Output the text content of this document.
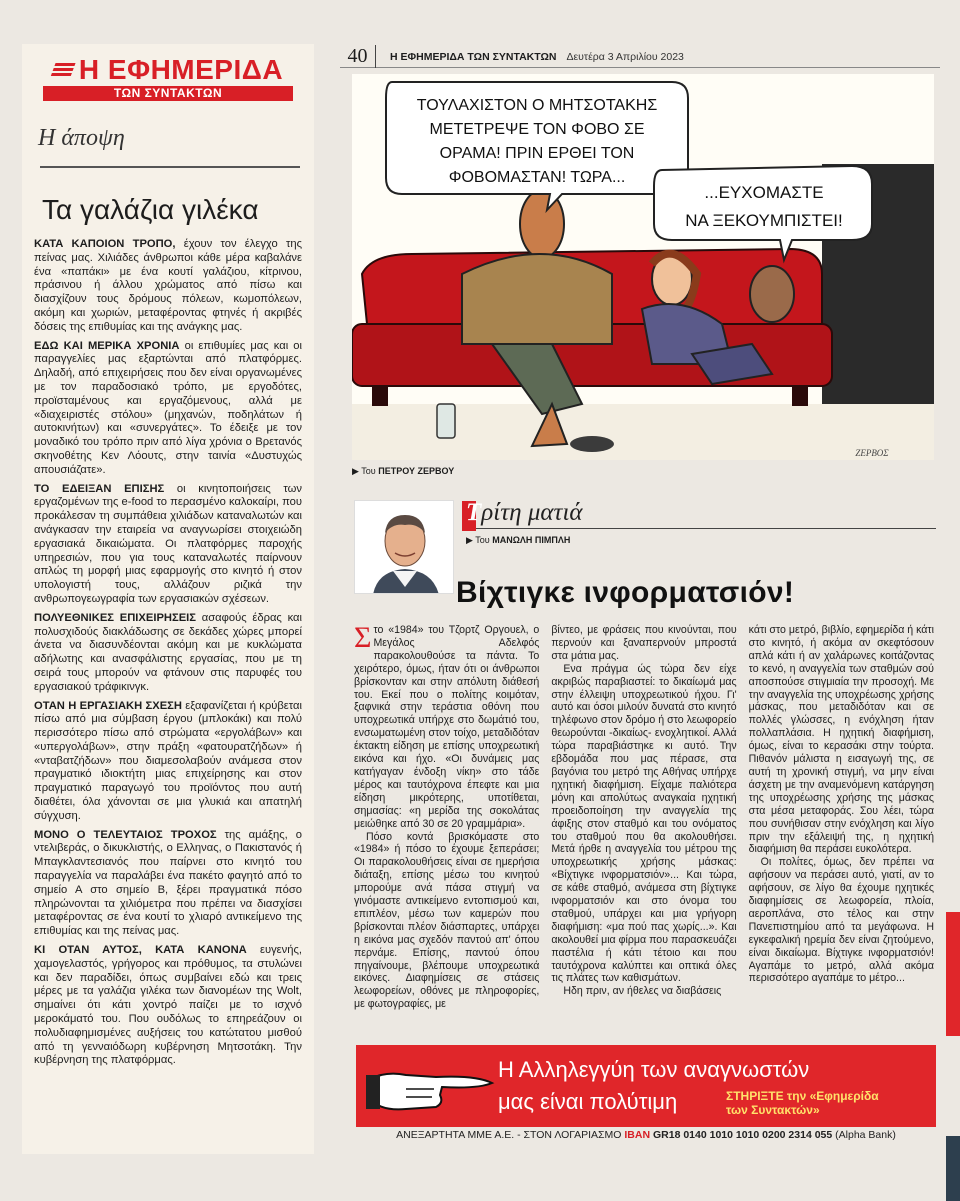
Η ΕΦΗΜΕΡΙΔΑ
ΤΩΝ ΣΥΝΤΑΚΤΩΝ
Η άποψη
Τα γαλάζια γιλέκα

ΚΑΤΑ ΚΑΠΟΙΟΝ ΤΡΟΠΟ, έχουν τον έλεγχο της πείνας μας. Χιλιάδες άνθρωποι κάθε μέρα καβαλάνε ένα «παπάκι» με ένα κουτί γαλάζιου, κίτρινου, πράσινου ή άλλου χρώματος από πίσω και διασχίζουν τους δρόμους πόλεων, κωμοπόλεων, ακόμη και χωριών, μεταφέροντας φτηνές ή ακριβές δόσεις της επιθυμίας και της ανάγκης μας.

ΕΔΩ ΚΑΙ ΜΕΡΙΚΑ ΧΡΟΝΙΑ οι επιθυμίες μας και οι παραγγελίες μας εξαρτώνται από πλατφόρμες. Δηλαδή, από επιχειρήσεις που δεν είναι οργανωμένες με τον παραδοσιακό τρόπο, με εργοδότες, προϊσταμένους και εργαζόμενους, αλλά με «διαχειριστές στόλου» (μηχανών, ποδηλάτων ή αυτοκινήτων) και «συνεργάτες». Το έδειξε με τον μοναδικό του τρόπο πριν από λίγα χρόνια ο Βρετανός σκηνοθέτης Κεν Λόουτς, στην ταινία «Δυστυχώς απουσιάζατε».

ΤΟ ΕΔΕΙΞΑΝ ΕΠΙΣΗΣ οι κινητοποιήσεις των εργαζομένων της e-food το περασμένο καλοκαίρι, που προκάλεσαν τη συμπάθεια χιλιάδων καταναλωτών και ανάγκασαν την εταιρεία να αναγνωρίσει στοιχειώδη εργασιακά δικαιώματα. Οι πλατφόρμες παροχής υπηρεσιών, που για τους καταναλωτές παίρνουν απλώς τη μορφή μιας εφαρμογής στο κινητό ή στον υπολογιστή τους, αλλάζουν ριζικά την ανθρωπογεωγραφία των εργασιακών σχέσεων.

ΠΟΛΥΕΘΝΙΚΕΣ ΕΠΙΧΕΙΡΗΣΕΙΣ ασαφούς έδρας και πολυσχιδούς διακλάδωσης σε δεκάδες χώρες μπορεί άνετα να διασυνδέονται ακόμη και με κυκλώματα αδήλωτης και ανασφάλιστης εργασίας, που με τη σειρά τους μπορούν να φτάνουν στις παρυφές του εργασιακού τράφικινγκ.

ΟΤΑΝ Η ΕΡΓΑΣΙΑΚΗ ΣΧΕΣΗ εξαφανίζεται ή κρύβεται πίσω από μια σύμβαση έργου (μπλοκάκι) και πολύ περισσότερο πίσω από στρώματα «εργολάβων» και «υπεργολάβων», στην πράξη «φατουρατζήδων» ή «νταβατζήδων» που διαμεσολαβούν ανάμεσα στον πραγματικό ιδιοκτήτη μιας επιχείρησης και στον πραγματικό παραγωγό του προϊόντος που αυτή διαθέτει, όλα χάνονται σε μια γλυκιά και απατηλή σύγχυση.

ΜΟΝΟ Ο ΤΕΛΕΥΤΑΙΟΣ ΤΡΟΧΟΣ της αμάξης, ο ντελιβεράς, ο δικυκλιστής, ο Ελληνας, ο Πακιστανός ή Μπαγκλαντεσιανός που παίρνει στο κινητό του παραγγελία να παραλάβει ένα πακέτο φαγητό από το σημείο Α στο σημείο Β, ξέρει πραγματικά πόσο πληρώνονται τα χιλιόμετρα που πρέπει να διασχίσει μεταφέροντας σε ένα κουτί το χλιαρό αντικείμενο της επιθυμίας και της πείνας μας.

ΚΙ ΟΤΑΝ ΑΥΤΟΣ, ΚΑΤΑ ΚΑΝΟΝΑ ευγενής, χαμογελαστός, γρήγορος και πρόθυμος, τα στυλώνει και δεν παραδίδει, όπως συμβαίνει εδώ και τρεις μέρες με τα γαλάζια γιλέκα των διανομέων της Wolt, σημαίνει ότι κάτι χοντρό παίζει με το ισχνό μεροκάματό του. Που ουδόλως το επηρεάζουν οι πολυδιαφημισμένες αυξήσεις του κατώτατου μισθού από τη γενναιόδωρη κυβέρνηση Μητσοτάκη. Την κυβέρνηση της πλατφόρμας.

40	Η ΕΦΗΜΕΡΙΔΑ ΤΩΝ ΣΥΝΤΑΚΤΩΝ Δευτέρα 3 Απριλίου 2023
ΤΟΥΛΑΧΙΣΤΟΝ Ο ΜΗΤΣΟΤΑΚΗΣ
ΜΕΤΕΤΡΕΨΕ ΤΟΝ ΦΟΒΟ ΣΕ
ΟΡΑΜΑ! ΠΡΙΝ ΕΡΘΕΙ ΤΟΝ
ΦΟΒΟΜΑΣΤΑΝ! ΤΩΡΑ...
...ΕΥΧΟΜΑΣΤΕ
ΝΑ ΞΕΚΟΥΜΠΙΣΤΕΙ!
ΖΕΡΒΟΣ
▶ Του ΠΕΤΡΟΥ ΖΕΡΒΟΥ
Τρίτη ματιά
▶ Του ΜΑΝΩΛΗ ΠΙΜΠΛΗ
Βίχτιγκε ινφορματσιόν!

Στο «1984» του Τζορτζ Οργουελ, ο Μεγάλος Αδελφός παρακολουθούσε τα πάντα. Το χειρότερο, όμως, ήταν ότι οι άνθρωποι βρίσκονταν και στην απόλυτη διάθεσή του. Εκεί που ο πολίτης κοιμόταν, ξαφνικά στην τεράστια οθόνη που υποχρεωτικά υπήρχε στο δωμάτιό του, ενσωματωμένη στον τοίχο, μεταδιδόταν έκτακτη είδηση με επίσης υποχρεωτική εικόνα και ήχο. «Οι δυνάμεις μας κατήγαγαν ένδοξη νίκη» στο τάδε μέρος και ταυτόχρονα έπεφτε και μια είδηση μικρότερης, υποτίθεται, σημασίας: «η μερίδα της σοκολάτας μειώθηκε από 30 σε 20 γραμμάρια».

Πόσο κοντά βρισκόμαστε στο «1984» ή πόσο το έχουμε ξεπεράσει; Οι παρακολουθήσεις είναι σε ημερήσια διάταξη, επίσης μέσω του κινητού μπορούμε ανά πάσα στιγμή να γινόμαστε αντικείμενο εντοπισμού και, επιπλέον, μέσω των καμερών που βρίσκονται πλέον διάσπαρτες, υπάρχει η εικόνα μας σχεδόν παντού απ' όπου περνάμε. Επίσης, παντού όπου πηγαίνουμε, βλέπουμε υποχρεωτικά εικόνες. Διαφημίσεις σε στάσεις λεωφορείων, οθόνες με πληροφορίες, με φωτογραφίες, με

βίντεο, με φράσεις που κινούνται, που περνούν και ξαναπερνούν μπροστά στα μάτια μας.

Ενα πράγμα ώς τώρα δεν είχε ακριβώς παραβιαστεί: το δικαίωμά μας στην έλλειψη υποχρεωτικού ήχου. Γι' αυτό και όσοι μιλούν δυνατά στο κινητό τηλέφωνο στον δρόμο ή στο λεωφορείο θεωρούνται -δικαίως- ενοχλητικοί. Αλλά τώρα παραβιάστηκε κι αυτό. Την εβδομάδα που μας πέρασε, στα βαγόνια του μετρό της Αθήνας υπήρχε ηχητική διαφήμιση. Είχαμε παλιότερα μόνη και απολύτως αναγκαία ηχητική προειδοποίηση την αναγγελία της άφιξης στον σταθμό και του ονόματος του σταθμού που θα ακολουθήσει. Μετά ήρθε η αναγγελία του μέτρου της υποχρεωτικής χρήσης μάσκας: «Βίχτιγκε ινφορματσιόν»... Και τώρα, σε κάθε σταθμό, ανάμεσα στη βίχτιγκε ινφορματσιόν και στο όνομα του σταθμού, υπάρχει και μια γρήγορη διαφήμιση: «μα πού πας χωρίς...». Και ακολουθεί μια φίρμα που παρασκευάζει παστέλια ή κάτι τέτοιο και που ταυτόχρονα καλύπτει και οπτικά όλες τις πλάτες των καθισμάτων.

Ηδη πριν, αν ήθελες να διαβάσεις

κάτι στο μετρό, βιβλίο, εφημερίδα ή κάτι στο κινητό, ή ακόμα αν σκεφτόσουν απλά κάτι ή αν χαλάρωνες κοιτάζοντας το κενό, η αναγγελία των σταθμών σού αποσπούσε στιγμιαία την προσοχή. Με την αναγγελία της υποχρέωσης χρήσης μάσκας, που μεταδιδόταν και σε πολλές γλώσσες, η ενόχληση ήταν πολλαπλάσια. Η ηχητική διαφήμιση, όμως, είναι το κερασάκι στην τούρτα. Πιθανόν μάλιστα η εισαγωγή της, σε αυτή τη χρονική στιγμή, να μην είναι άσχετη με την αναμενόμενη κατάργηση της υποχρέωσης χρήσης της μάσκας στα μέσα μεταφοράς. Σου λέει, τώρα που συνήθισαν στην ενόχληση και λίγο πριν την εξάλειψή της, η ηχητική διαφήμιση θα περάσει ευκολότερα.

Οι πολίτες, όμως, δεν πρέπει να αφήσουν να περάσει αυτό, γιατί, αν το αφήσουν, σε λίγο θα έχουμε ηχητικές διαφημίσεις σε λεωφορεία, πλοία, αεροπλάνα, στο τέλος και στην Πανεπιστημίου από τα μεγάφωνα. Η εγκεφαλική ηρεμία δεν είναι ζητούμενο, είναι δικαίωμα. Βίχτιγκε ινφορματσιόν! Αγαπάμε το μετρό, αλλά ακόμα περισσότερο αγαπάμε το μέτρο...

Η Αλληλεγγύη των αναγνωστών
μας είναι πολύτιμη	ΣΤΗΡΙΞΤΕ την «Εφημερίδα
των Συντακτών»
ΑΝΕΞΑΡΤΗΤΑ ΜΜΕ Α.Ε. - ΣΤΟΝ ΛΟΓΑΡΙΑΣΜΟ IBAN GR18 0140 1010 1010 0200 2314 055 (Alpha Bank)
